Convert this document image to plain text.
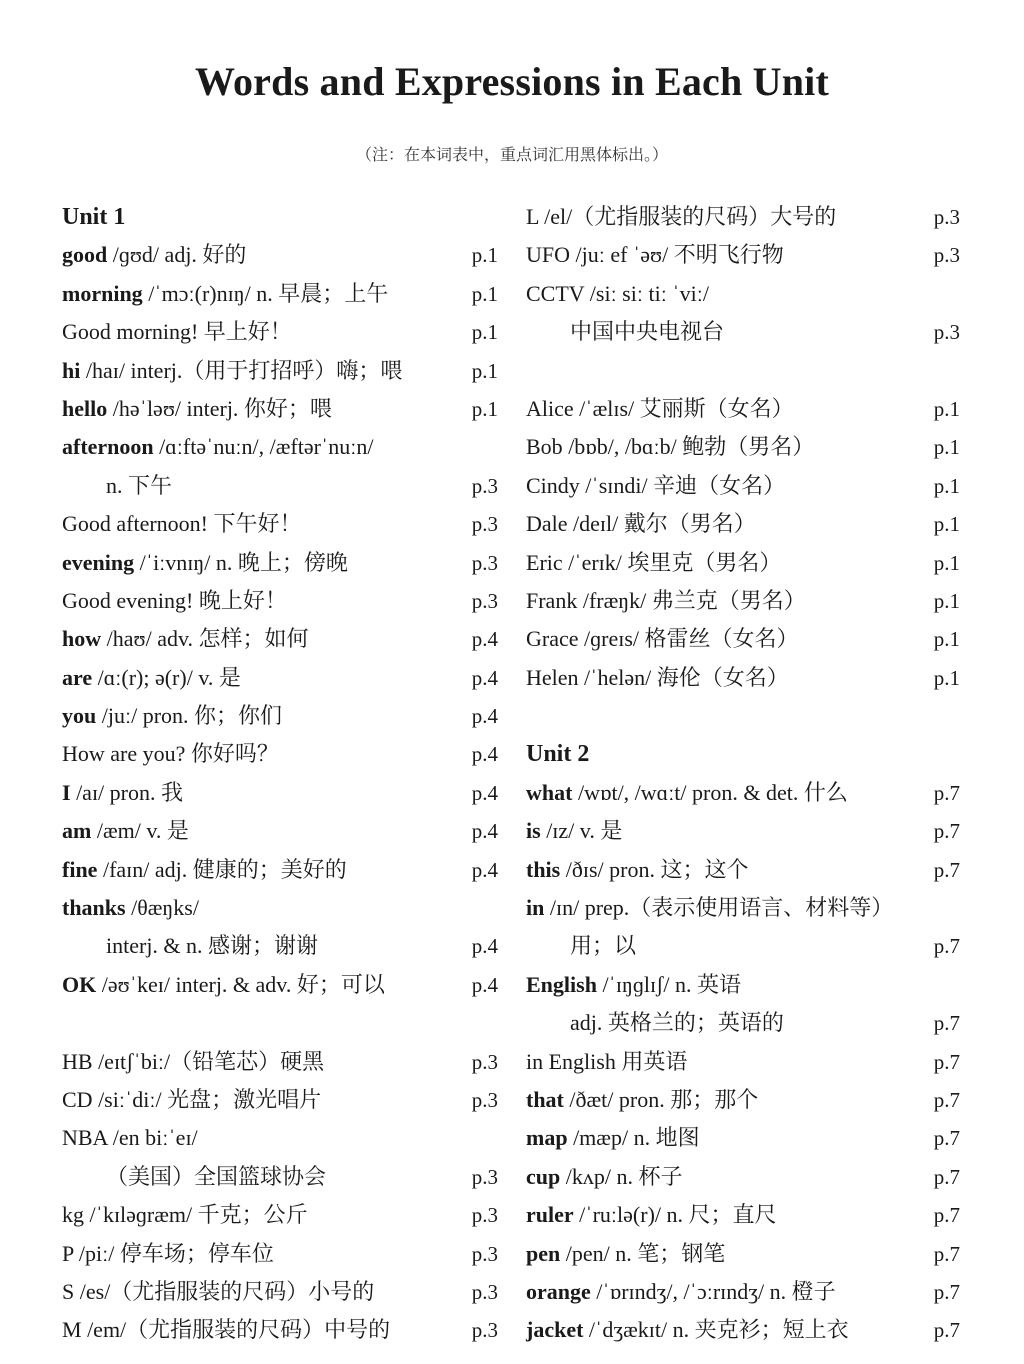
Words and Expressions in Each Unit
（注：在本词表中，重点词汇用黑体标出。）
Unit 1
good /ɡʊd/ adj. 好的	p.1
morning /ˈmɔː(r)nɪŋ/ n. 早晨；上午	p.1
Good morning! 早上好！	p.1
hi /haɪ/ interj.（用于打招呼）嗨；喂	p.1
hello /həˈləʊ/ interj. 你好；喂	p.1
afternoon /ɑːftəˈnuːn/, /æftərˈnuːn/
n. 下午	p.3
Good afternoon! 下午好！	p.3
evening /ˈiːvnɪŋ/ n. 晚上；傍晚	p.3
Good evening! 晚上好！	p.3
how /haʊ/ adv. 怎样；如何	p.4
are /ɑː(r); ə(r)/ v. 是	p.4
you /juː/ pron. 你；你们	p.4
How are you? 你好吗？	p.4
I /aɪ/ pron. 我	p.4
am /æm/ v. 是	p.4
fine /faɪn/ adj. 健康的；美好的	p.4
thanks /θæŋks/
interj. & n. 感谢；谢谢	p.4
OK /əʊˈkeɪ/ interj. & adv. 好；可以	p.4
HB /eɪtʃˈbiː/（铅笔芯）硬黑	p.3
CD /siːˈdiː/ 光盘；激光唱片	p.3
NBA /en biːˈeɪ/
（美国）全国篮球协会	p.3
kg /ˈkɪləɡræm/ 千克；公斤	p.3
P /piː/ 停车场；停车位	p.3
S /es/（尤指服装的尺码）小号的	p.3
M /em/（尤指服装的尺码）中号的	p.3
L /el/（尤指服装的尺码）大号的	p.3
UFO /juː ef ˈəʊ/ 不明飞行物	p.3
CCTV /siː siː tiː ˈviː/
中国中央电视台	p.3
Alice /ˈælɪs/ 艾丽斯（女名）	p.1
Bob /bɒb/, /bɑːb/ 鲍勃（男名）	p.1
Cindy /ˈsɪndi/ 辛迪（女名）	p.1
Dale /deɪl/ 戴尔（男名）	p.1
Eric /ˈerɪk/ 埃里克（男名）	p.1
Frank /fræŋk/ 弗兰克（男名）	p.1
Grace /ɡreɪs/ 格雷丝（女名）	p.1
Helen /ˈhelən/ 海伦（女名）	p.1
Unit 2
what /wɒt/, /wɑːt/ pron. & det. 什么	p.7
is /ɪz/ v. 是	p.7
this /ðɪs/ pron. 这；这个	p.7
in /ɪn/ prep.（表示使用语言、材料等）
用；以	p.7
English /ˈɪŋɡlɪʃ/ n. 英语
adj. 英格兰的；英语的	p.7
in English 用英语	p.7
that /ðæt/ pron. 那；那个	p.7
map /mæp/ n. 地图	p.7
cup /kʌp/ n. 杯子	p.7
ruler /ˈruːlə(r)/ n. 尺；直尺	p.7
pen /pen/ n. 笔；钢笔	p.7
orange /ˈɒrɪndʒ/, /ˈɔːrɪndʒ/ n. 橙子	p.7
jacket /ˈdʒækɪt/ n. 夹克衫；短上衣	p.7
